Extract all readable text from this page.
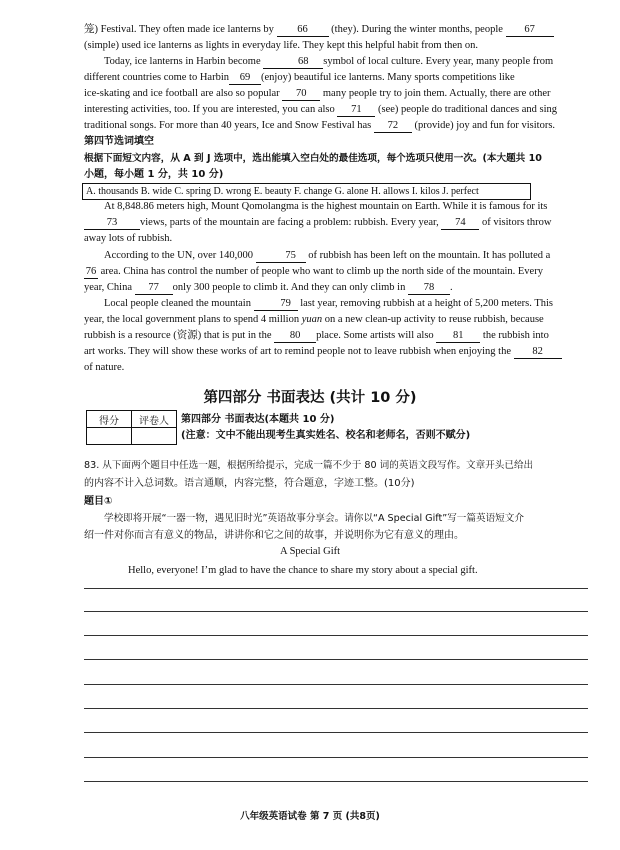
笼) Festival. They often made ice lanterns by 66 (they). During the winter months, people 67

(simple) used ice lanterns as lights in everyday life. They kept this helpful habit from then on.

Today, ice lanterns in Harbin become	68 symbol of local culture. Every year, many people from

different countries come to Harbin 69 (enjoy) beautiful ice lanterns. Many sports competitions like

ice-skating and ice football are also so popular 70 many people try to join them. Actually, there are other

interesting activities, too. If you are interested, you can also 71 (see) people do traditional dances and sing

traditional songs. For more than 40 years, Ice and Snow Festival has 72 (provide) joy and fun for visitors.

第四节选词填空

根据下面短文内容，从 A 到 J 选项中，选出能填入空白处的最佳选项，每个选项只使用一次。(本大题共 10

小题，每小题 1 分，共 10 分)

A. thousands B. wide C. spring D. wrong E. beauty F. change G. alone H. allows I. kilos J. perfect

At 8,848.86 meters high, Mount Qomolangma is the highest mountain on Earth. While it is famous for its

73 views, parts of the mountain are facing a problem: rubbish. Every year, 74 of visitors throw

away lots of rubbish.

According to the UN, over 140,000	75 of rubbish has been left on the mountain. It has polluted a

76 area. China has control the number of people who want to climb up the north side of the mountain. Every

year, China 77 only 300 people to climb it. And they can only climb in 78 .

Local people cleaned the mountain	79 last year, removing rubbish at a height of 5,200 meters. This

year, the local government plans to spend 4 million yuan on a new clean-up activity to reuse rubbish, because

rubbish is a resource (资源) that is put in the 80 place. Some artists will also 81 the rubbish into

art works. They will show these works of art to remind people not to leave rubbish when enjoying the 82

of nature.

第四部分 书面表达 (共计 10 分)
得分	评卷人	第四部分 书面表达(本题共 10 分)
(注意：文中不能出现考生真实姓名、校名和老师名，否则不赋分)

83. 从下面两个题目中任选一题，根据所给提示，完成一篇不少于 80 词的英语文段写作。文章开头已给出

的内容不计入总词数。语言通顺，内容完整，符合题意，字迹工整。(10分)

题目①

学校即将开展“一器一物，遇见旧时光”英语故事分享会。请你以“A Special Gift”写一篇英语短文介

绍一件对你而言有意义的物品，讲讲你和它之间的故事，并说明你为它有意义的理由。

A Special Gift

Hello, everyone! I’m glad to have the chance to share my story about a special gift.

八年级英语试卷 第 7 页 (共8页)
